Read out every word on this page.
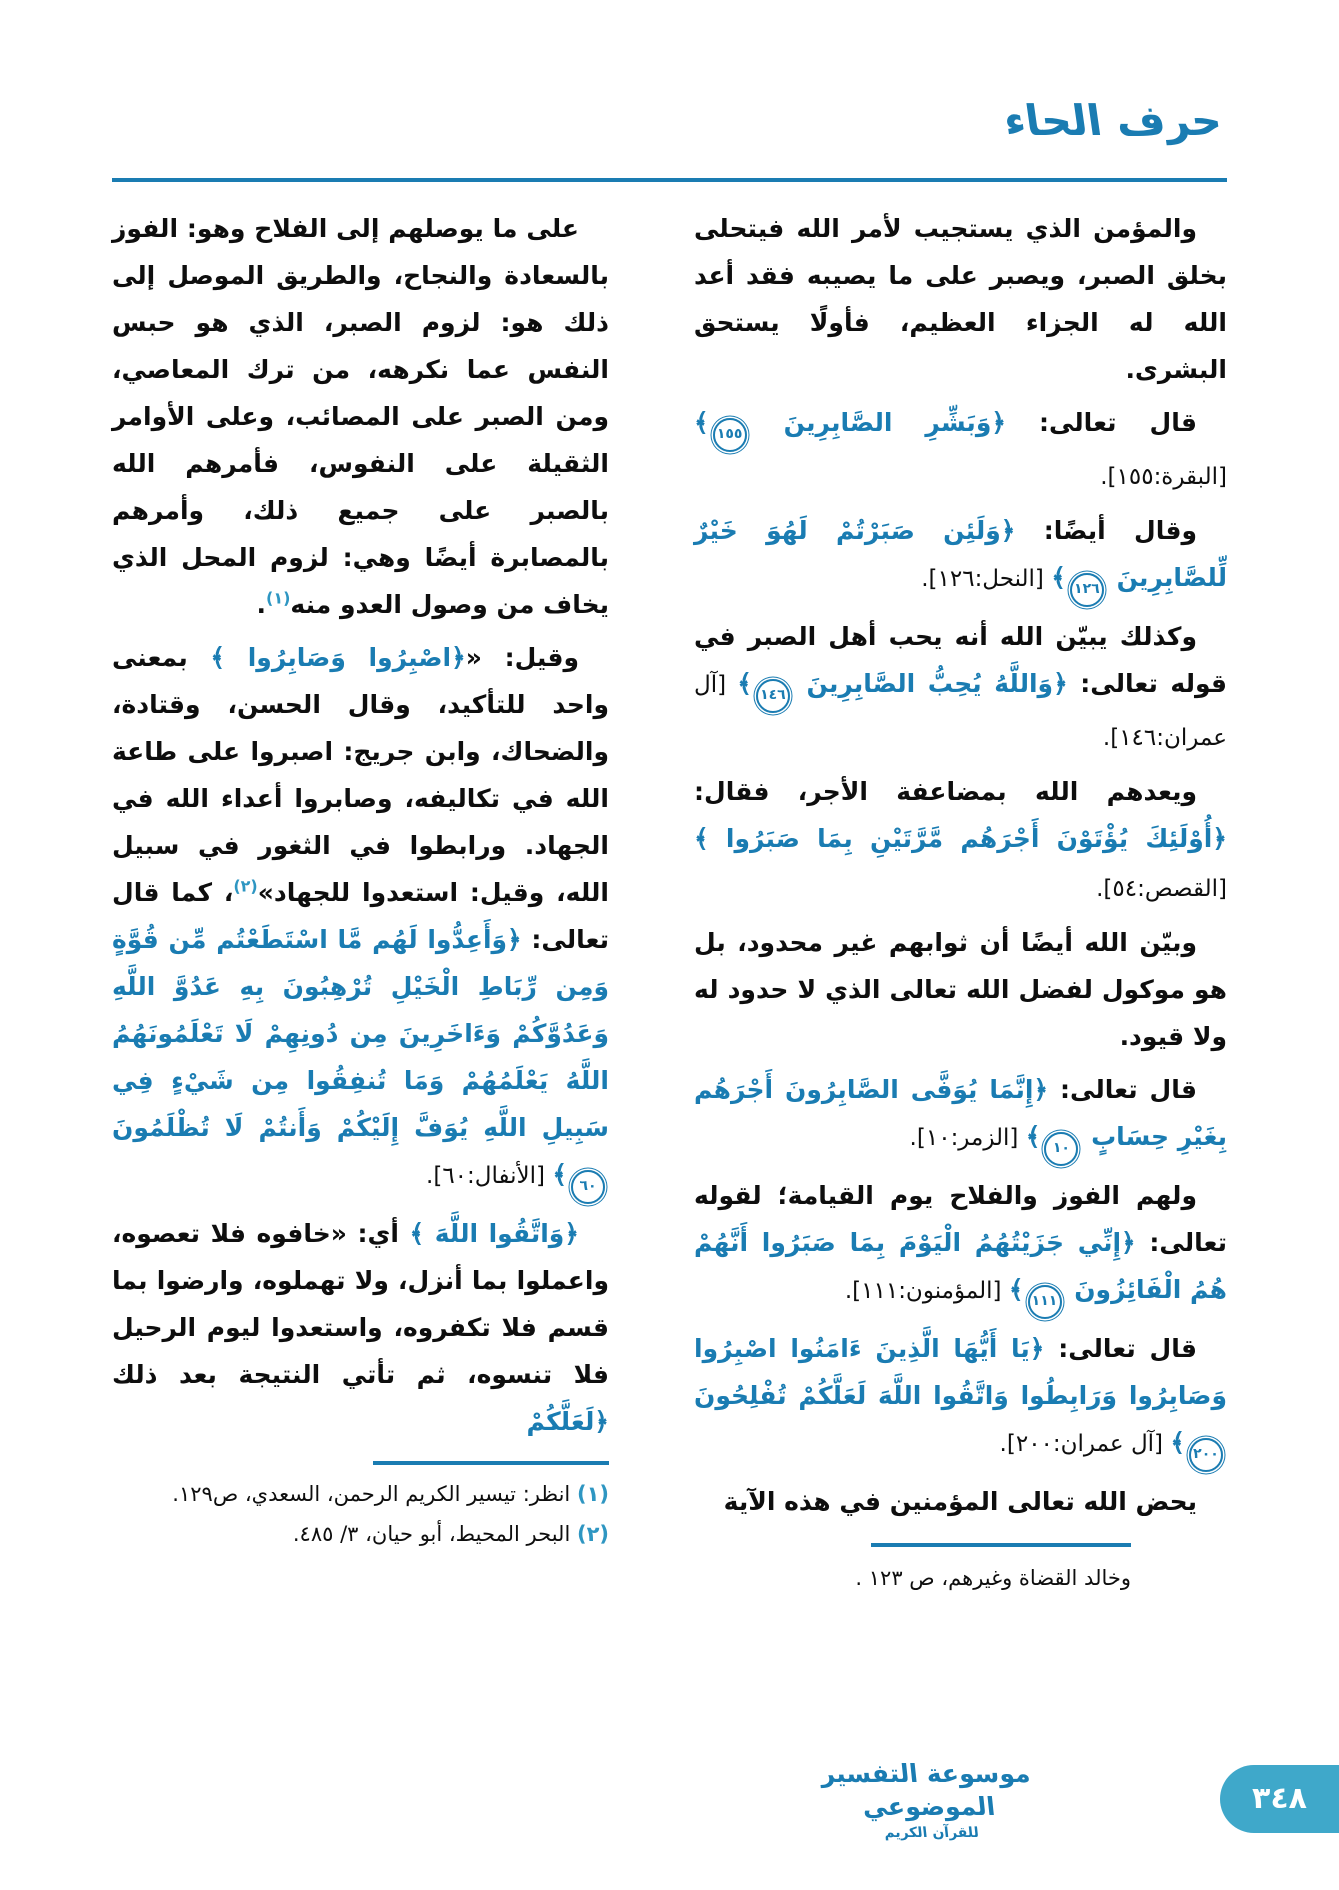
حرف الحاء

والمؤمن الذي يستجيب لأمر الله فيتحلى بخلق الصبر، ويصبر على ما يصيبه فقد أعد الله له الجزاء العظيم، فأولًا يستحق البشرى.

قال تعالى: ﴿وَبَشِّرِ الصَّابِرِينَ ١٥٥﴾ [البقرة:١٥٥].

وقال أيضًا: ﴿وَلَئِن صَبَرْتُمْ لَهُوَ خَيْرٌ لِّلصَّابِرِينَ ١٢٦﴾ [النحل:١٢٦].

وكذلك يبيّن الله أنه يحب أهل الصبر في قوله تعالى: ﴿وَاللَّهُ يُحِبُّ الصَّابِرِينَ ١٤٦﴾ [آل عمران:١٤٦].

ويعدهم الله بمضاعفة الأجر، فقال: ﴿أُوْلَئِكَ يُؤْتَوْنَ أَجْرَهُم مَّرَّتَيْنِ بِمَا صَبَرُوا ﴾ [القصص:٥٤].

وبيّن الله أيضًا أن ثوابهم غير محدود، بل هو موكول لفضل الله تعالى الذي لا حدود له ولا قيود.

قال تعالى: ﴿إِنَّمَا يُوَفَّى الصَّابِرُونَ أَجْرَهُم بِغَيْرِ حِسَابٍ ١٠﴾ [الزمر:١٠].

ولهم الفوز والفلاح يوم القيامة؛ لقوله تعالى: ﴿إِنِّي جَزَيْتُهُمُ الْيَوْمَ بِمَا صَبَرُوا أَنَّهُمْ هُمُ الْفَائِزُونَ ١١١﴾ [المؤمنون:١١١].

قال تعالى: ﴿يَا أَيُّهَا الَّذِينَ ءَامَنُوا اصْبِرُوا وَصَابِرُوا وَرَابِطُوا وَاتَّقُوا اللَّهَ لَعَلَّكُمْ تُفْلِحُونَ ٢٠٠﴾ [آل عمران:٢٠٠].

يحض الله تعالى المؤمنين في هذه الآية

وخالد القضاة وغيرهم، ص ١٢٣ .

على ما يوصلهم إلى الفلاح وهو: الفوز بالسعادة والنجاح، والطريق الموصل إلى ذلك هو: لزوم الصبر، الذي هو حبس النفس عما نكرهه، من ترك المعاصي، ومن الصبر على المصائب، وعلى الأوامر الثقيلة على النفوس، فأمرهم الله بالصبر على جميع ذلك، وأمرهم بالمصابرة أيضًا وهي: لزوم المحل الذي يخاف من وصول العدو منه$^{(١)}$.

وقيل: «﴿اصْبِرُوا وَصَابِرُوا ﴾ بمعنى واحد للتأكيد، وقال الحسن، وقتادة، والضحاك، وابن جريج: اصبروا على طاعة الله في تكاليفه، وصابروا أعداء الله في الجهاد. ورابطوا في الثغور في سبيل الله، وقيل: استعدوا للجهاد»$^{(٢)}$، كما قال تعالى: ﴿وَأَعِدُّوا لَهُم مَّا اسْتَطَعْتُم مِّن قُوَّةٍ وَمِن رِّبَاطِ الْخَيْلِ تُرْهِبُونَ بِهِ عَدُوَّ اللَّهِ وَعَدُوَّكُمْ وَءَاخَرِينَ مِن دُونِهِمْ لَا تَعْلَمُونَهُمُ اللَّهُ يَعْلَمُهُمْ وَمَا تُنفِقُوا مِن شَيْءٍ فِي سَبِيلِ اللَّهِ يُوَفَّ إِلَيْكُمْ وَأَنتُمْ لَا تُظْلَمُونَ ٦٠﴾ [الأنفال:٦٠].

﴿وَاتَّقُوا اللَّهَ ﴾ أي: «خافوه فلا تعصوه، واعملوا بما أنزل، ولا تهملوه، وارضوا بما قسم فلا تكفروه، واستعدوا ليوم الرحيل فلا تنسوه، ثم تأتي النتيجة بعد ذلك ﴿لَعَلَّكُمْ

(١) انظر: تيسير الكريم الرحمن، السعدي، ص١٢٩.

(٢) البحر المحيط، أبو حيان، ٣/ ٤٨٥.

موسوعة التفسير الموضوعي
للقرآن الكريم
٣٤٨
